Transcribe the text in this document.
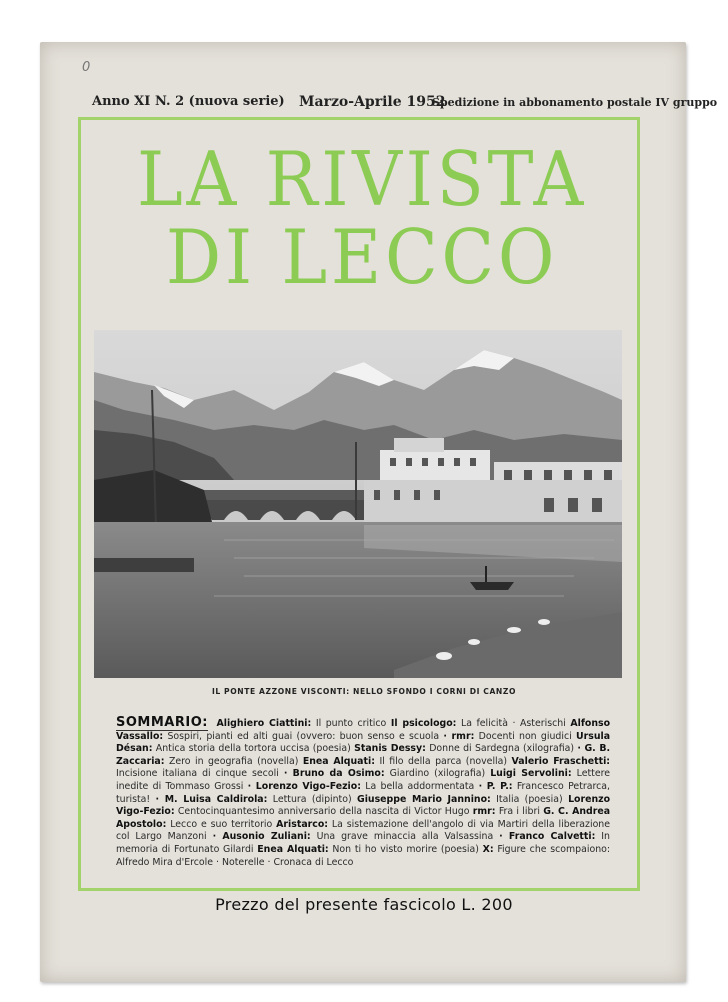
0
Anno XI N. 2 (nuova serie) Marzo-Aprile 1952
Spedizione in abbonamento postale IV gruppo
LA RIVISTA
DI LECCO
IL PONTE AZZONE VISCONTI: NELLO SFONDO I CORNI DI CANZO
SOMMARIO: Alighiero Ciattini: Il punto critico Il psicologo: La felicità · Asterischi Alfonso Vassallo: Sospiri, pianti ed alti guai (ovvero: buon senso e scuola · rmr: Docenti non giudici Ursula Désan: Antica storia della tortora uccisa (poesia) Stanis Dessy: Donne di Sardegna (xilografia) · G. B. Zaccaria: Zero in geografia (novella) Enea Alquati: Il filo della parca (novella) Valerio Fraschetti: Incisione italiana di cinque secoli · Bruno da Osimo: Giardino (xilografia) Luigi Servolini: Lettere inedite di Tommaso Grossi · Lorenzo Vigo-Fezio: La bella addormentata · P. P.: Francesco Petrarca, turista! · M. Luisa Caldirola: Lettura (dipinto) Giuseppe Mario Jannino: Italia (poesia) Lorenzo Vigo-Fezio: Centocinquantesimo anniversario della nascita di Victor Hugo rmr: Fra i libri G. C. Andrea Apostolo: Lecco e suo territorio Aristarco: La sistemazione dell'angolo di via Martiri della liberazione col Largo Manzoni · Ausonio Zuliani: Una grave minaccia alla Valsassina · Franco Calvetti: In memoria di Fortunato Gilardi Enea Alquati: Non ti ho visto morire (poesia) X: Figure che scompaiono: Alfredo Mira d'Ercole · Noterelle · Cronaca di Lecco
Prezzo del presente fascicolo L. 200
